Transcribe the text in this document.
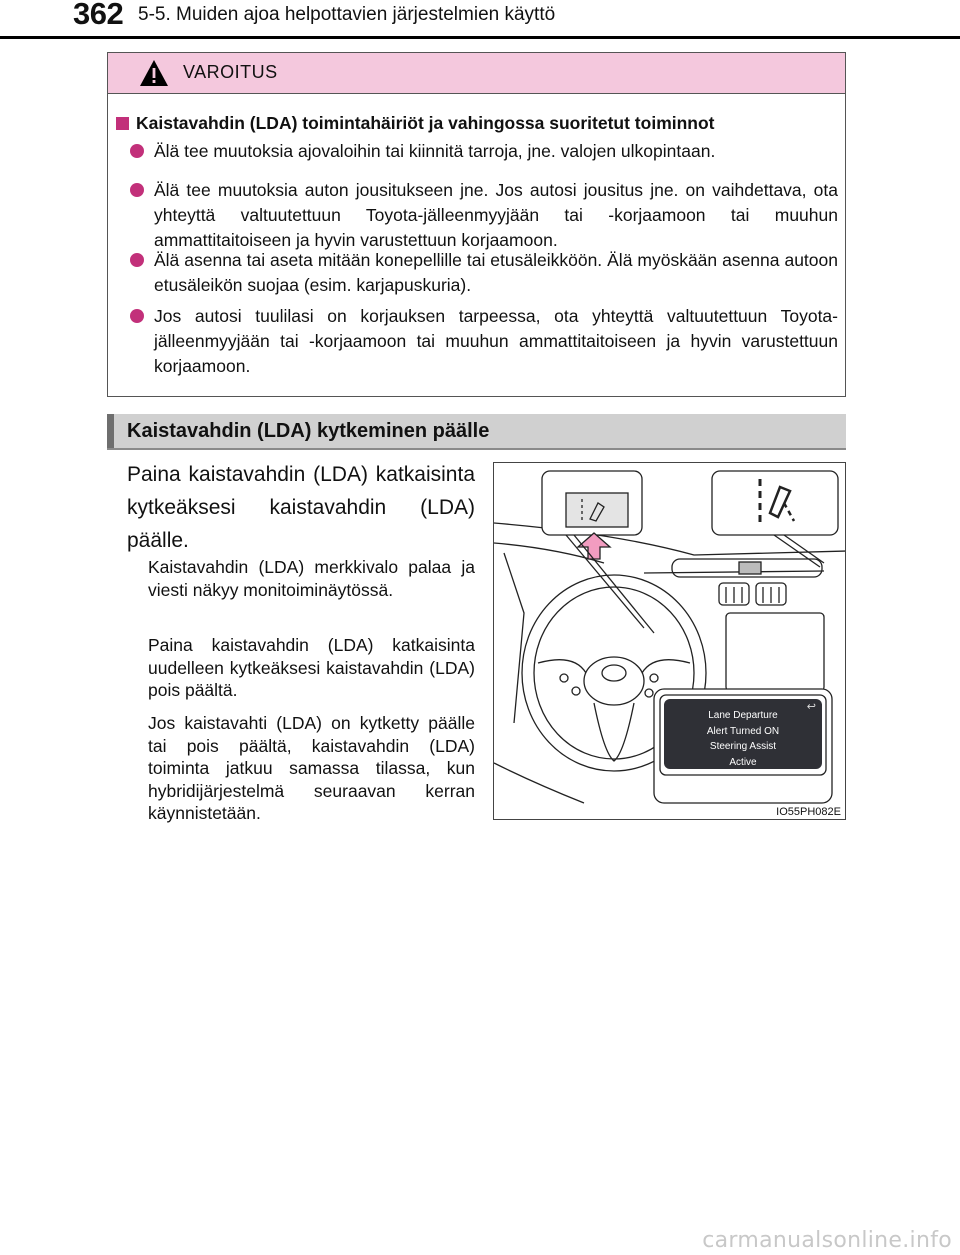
362 5-5. Muiden ajoa helpottavien järjestelmien käyttö
VAROITUS
Kaistavahdin (LDA) toimintahäiriöt ja vahingossa suoritetut toiminnot
Älä tee muutoksia ajovaloihin tai kiinnitä tarroja, jne. valojen ulkopintaan.
Älä tee muutoksia auton jousitukseen jne. Jos autosi jousitus jne. on vaihdettava, ota yhteyttä valtuutettuun Toyota-jälleenmyyjään tai -korjaamoon tai muuhun ammattitaitoiseen ja hyvin varustettuun korjaamoon.
Älä asenna tai aseta mitään konepellille tai etusäleikköön. Älä myöskään asenna autoon etusäleikön suojaa (esim. karjapuskuria).
Jos autosi tuulilasi on korjauksen tarpeessa, ota yhteyttä valtuutettuun Toyota-jälleenmyyjään tai -korjaamoon tai muuhun ammattitaitoiseen ja hyvin varustettuun korjaamoon.
Kaistavahdin (LDA) kytkeminen päälle
Paina kaistavahdin (LDA) katkaisinta kytkeäksesi kaistavahdin (LDA) päälle.
Kaistavahdin (LDA) merkkivalo palaa ja viesti näkyy monitoiminäytössä.
Paina kaistavahdin (LDA) katkaisinta uudelleen kytkeäksesi kaistavahdin (LDA) pois päältä.
Jos kaistavahti (LDA) on kytketty päälle tai pois päältä, kaistavahdin (LDA) toiminta jatkuu samassa tilassa, kun hybridijärjestelmä seuraavan kerran käynnistetään.
↩
Lane Departure
Alert Turned ON
Steering Assist
Active
IO55PH082E
carmanualsonline.info
